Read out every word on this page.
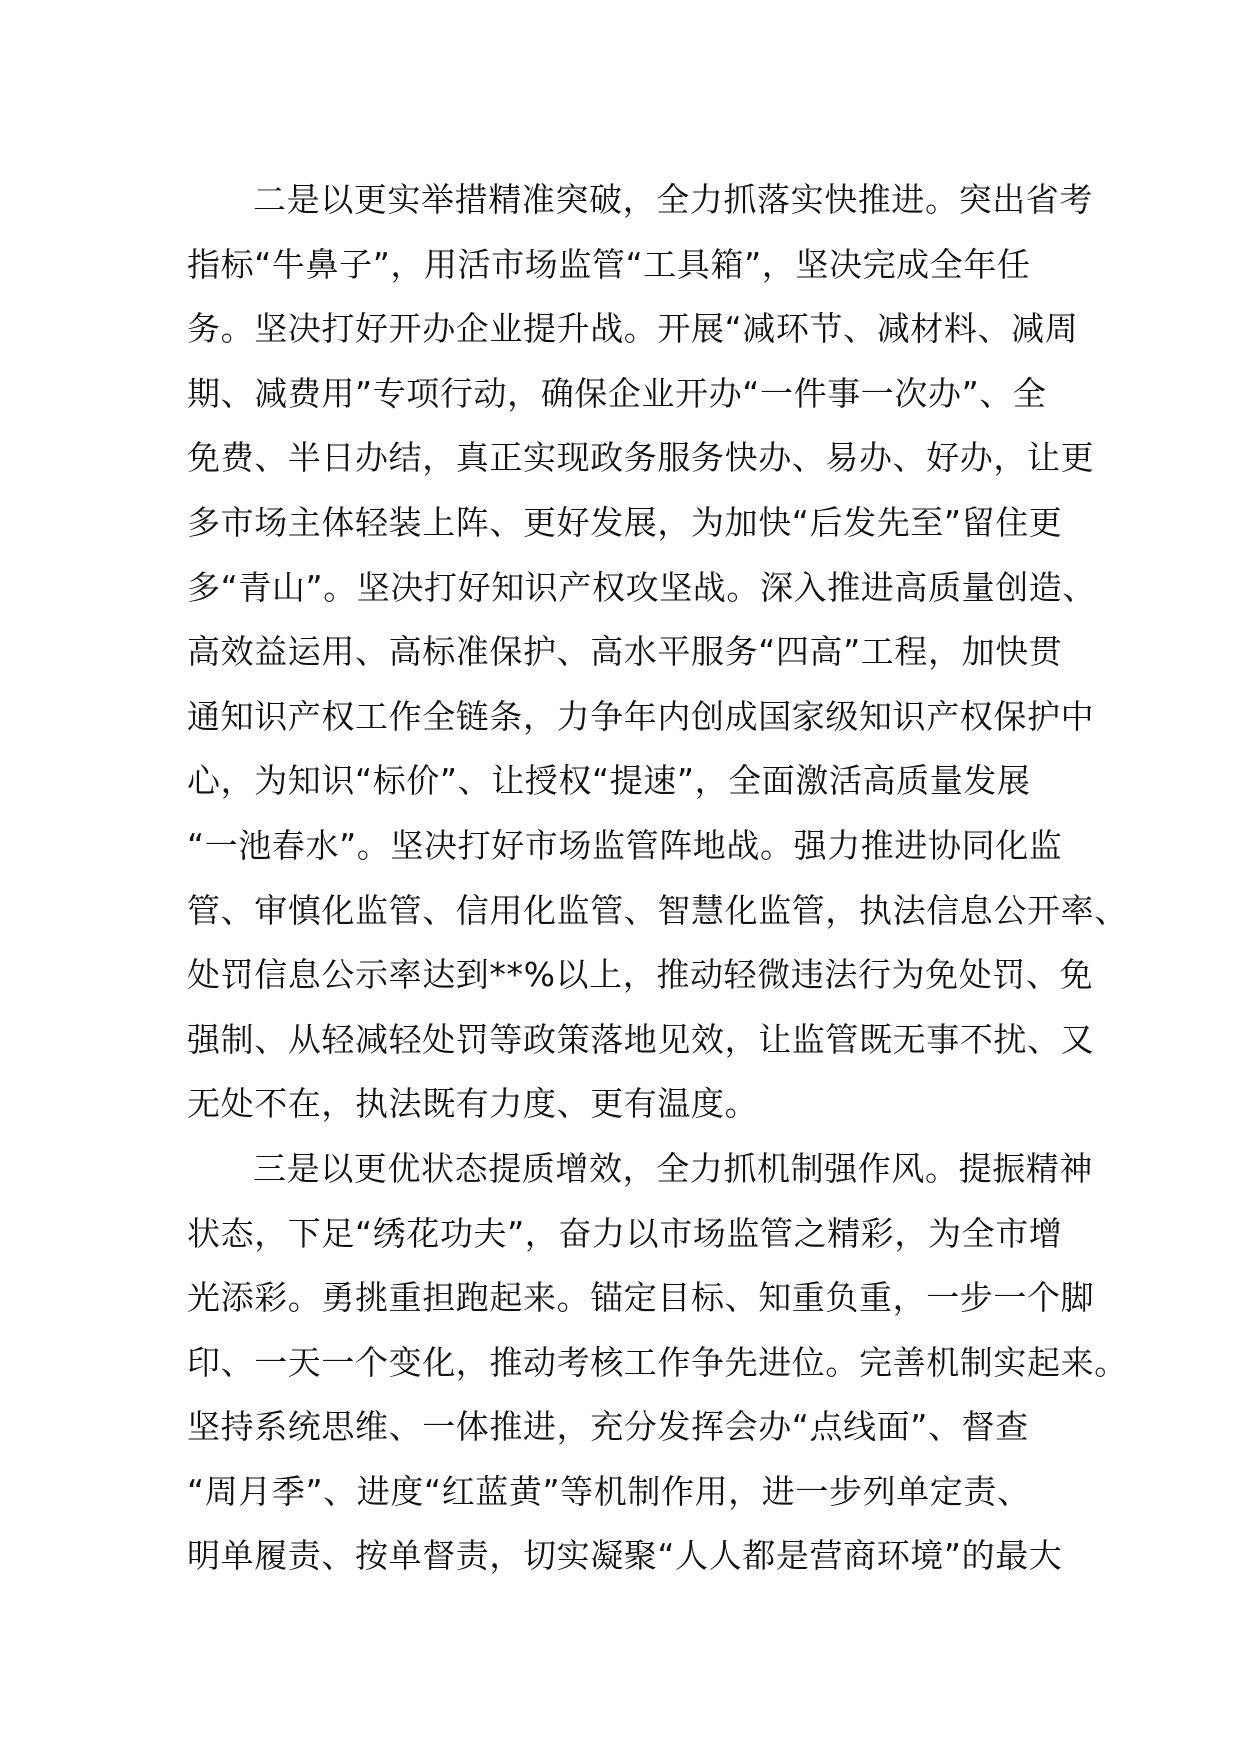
二是以更实举措精准突破，全力抓落实快推进。突出省考
指标“牛鼻子”，用活市场监管“工具箱”，坚决完成全年任
务。坚决打好开办企业提升战。开展“减环节、减材料、减周
期、减费用”专项行动，确保企业开办“一件事一次办”、全
免费、半日办结，真正实现政务服务快办、易办、好办，让更
多市场主体轻装上阵、更好发展，为加快“后发先至”留住更
多“青山”。坚决打好知识产权攻坚战。深入推进高质量创造、
高效益运用、高标准保护、高水平服务“四高”工程，加快贯
通知识产权工作全链条，力争年内创成国家级知识产权保护中
心，为知识“标价”、让授权“提速”，全面激活高质量发展
“一池春水”。坚决打好市场监管阵地战。强力推进协同化监
管、审慎化监管、信用化监管、智慧化监管，执法信息公开率、
处罚信息公示率达到**%以上，推动轻微违法行为免处罚、免
强制、从轻减轻处罚等政策落地见效，让监管既无事不扰、又
无处不在，执法既有力度、更有温度。
三是以更优状态提质增效，全力抓机制强作风。提振精神
状态，下足“绣花功夫”，奋力以市场监管之精彩，为全市增
光添彩。勇挑重担跑起来。锚定目标、知重负重，一步一个脚
印、一天一个变化，推动考核工作争先进位。完善机制实起来。
坚持系统思维、一体推进，充分发挥会办“点线面”、督查
“周月季”、进度“红蓝黄”等机制作用，进一步列单定责、
明单履责、按单督责，切实凝聚“人人都是营商环境”的最大
